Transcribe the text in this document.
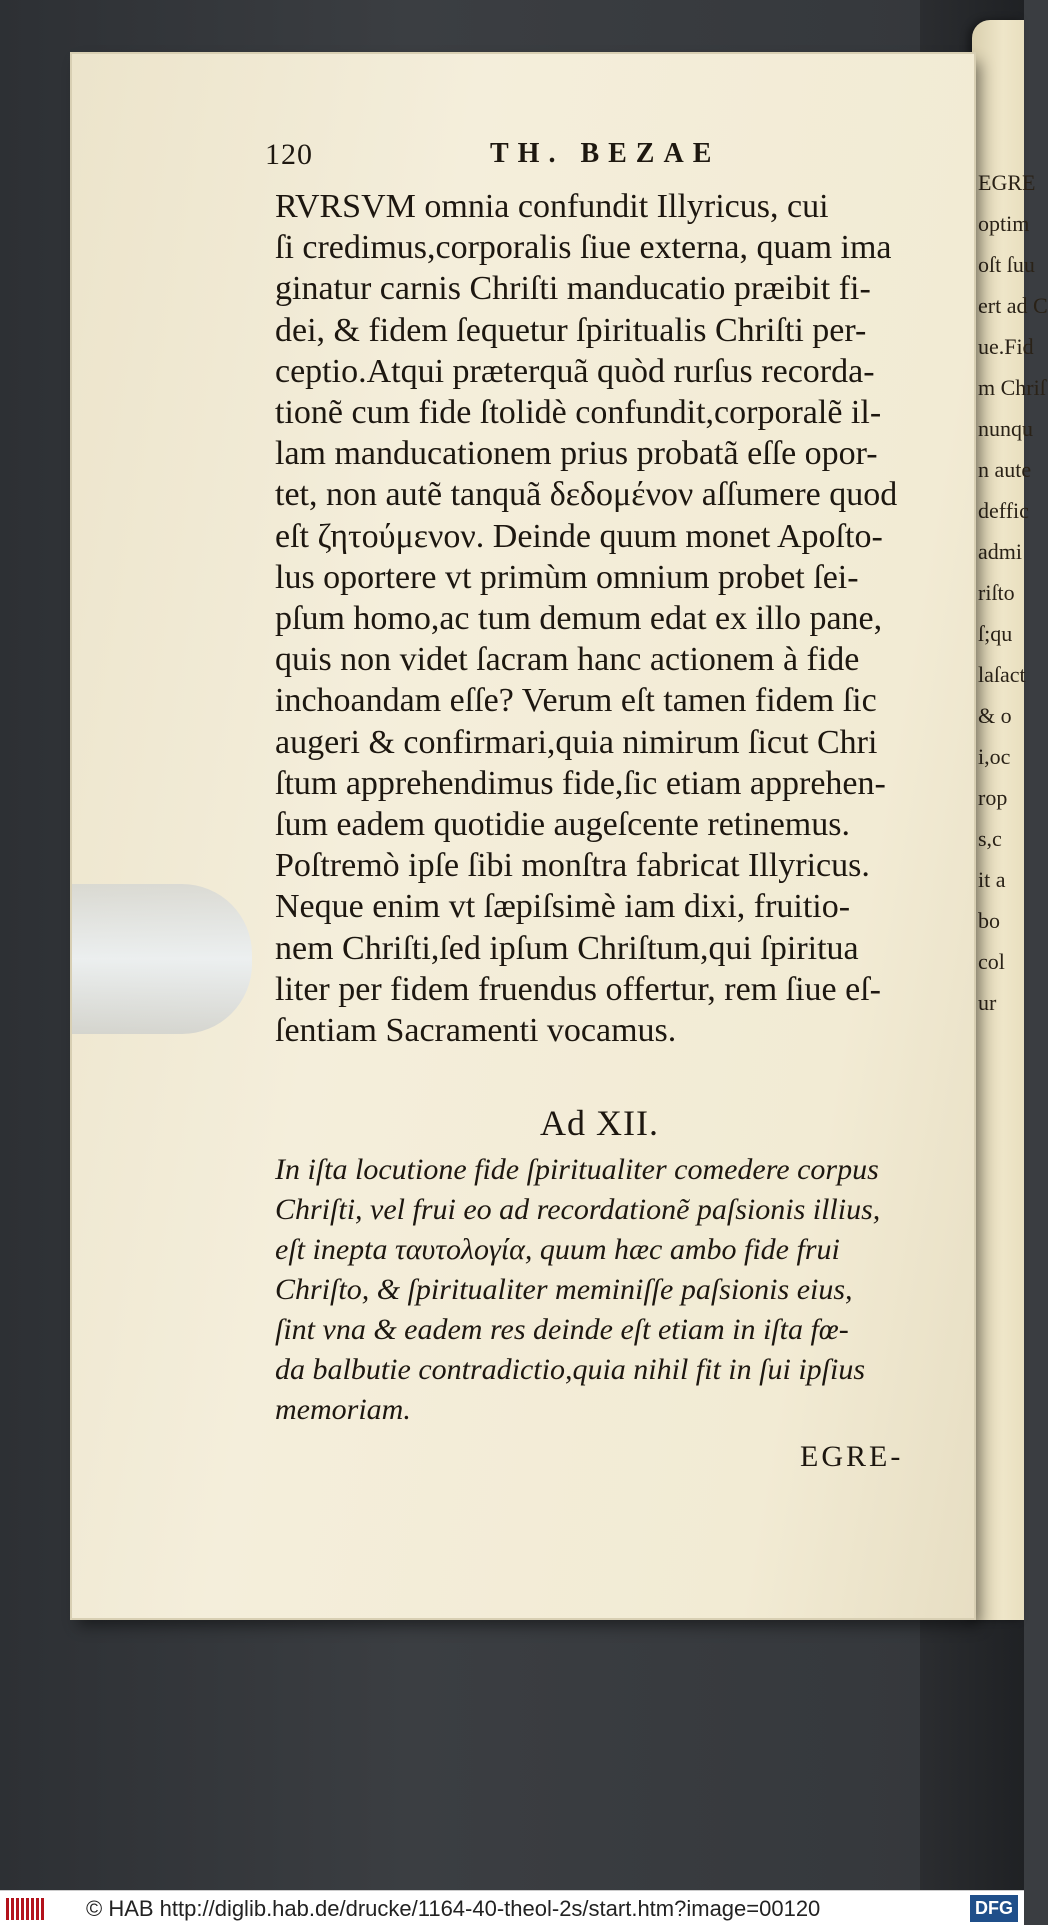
EGRE
optim
oſt ſuu
ert ad C
ue.Fid
m Chriſ
nunqu
n aute
deffic
admi
riſto
ſ;qu
laſact
& o
i,oc
rop
s,c
it a
bo
col
ur
120	TH. BEZAE
RVRSVM omnia confundit Illyricus, cui
ſi credimus,corporalis ſiue externa, quam ima
ginatur carnis Chriſti manducatio præibit fi-
dei, & fidem ſequetur ſpiritualis Chriſti per-
ceptio.Atqui præterquã quòd rurſus recorda-
tionẽ cum fide ſtolidè confundit,corporalẽ il-
lam manducationem prius probatã eſſe opor-
tet, non autẽ tanquã δεδομένον aſſumere quod
eſt ζητούμενον. Deinde quum monet Apoſto-
lus oportere vt primùm omnium probet ſei-
pſum homo,ac tum demum edat ex illo pane,
quis non videt ſacram hanc actionem à fide
inchoandam eſſe? Verum eſt tamen fidem ſic
augeri & confirmari,quia nimirum ſicut Chri
ſtum apprehendimus fide,ſic etiam apprehen-
ſum eadem quotidie augeſcente retinemus.
Poſtremò ipſe ſibi monſtra fabricat Illyricus.
Neque enim vt ſæpiſsimè iam dixi, fruitio-
nem Chriſti,ſed ipſum Chriſtum,qui ſpiritua
liter per fidem fruendus offertur, rem ſiue eſ-
ſentiam Sacramenti vocamus.
Ad XII.
In iſta locutione fide ſpiritualiter comedere corpus
Chriſti, vel frui eo ad recordationẽ paſsionis illius,
eſt inepta ταυτολογία, quum hæc ambo fide frui
Chriſto, & ſpiritualiter meminiſſe paſsionis eius,
ſint vna & eadem res deinde eſt etiam in iſta fœ-
da balbutie contradictio,quia nihil fit in ſui ipſius
memoriam.
EGRE-
© HAB http://diglib.hab.de/drucke/1164-40-theol-2s/start.htm?image=00120	DFG
